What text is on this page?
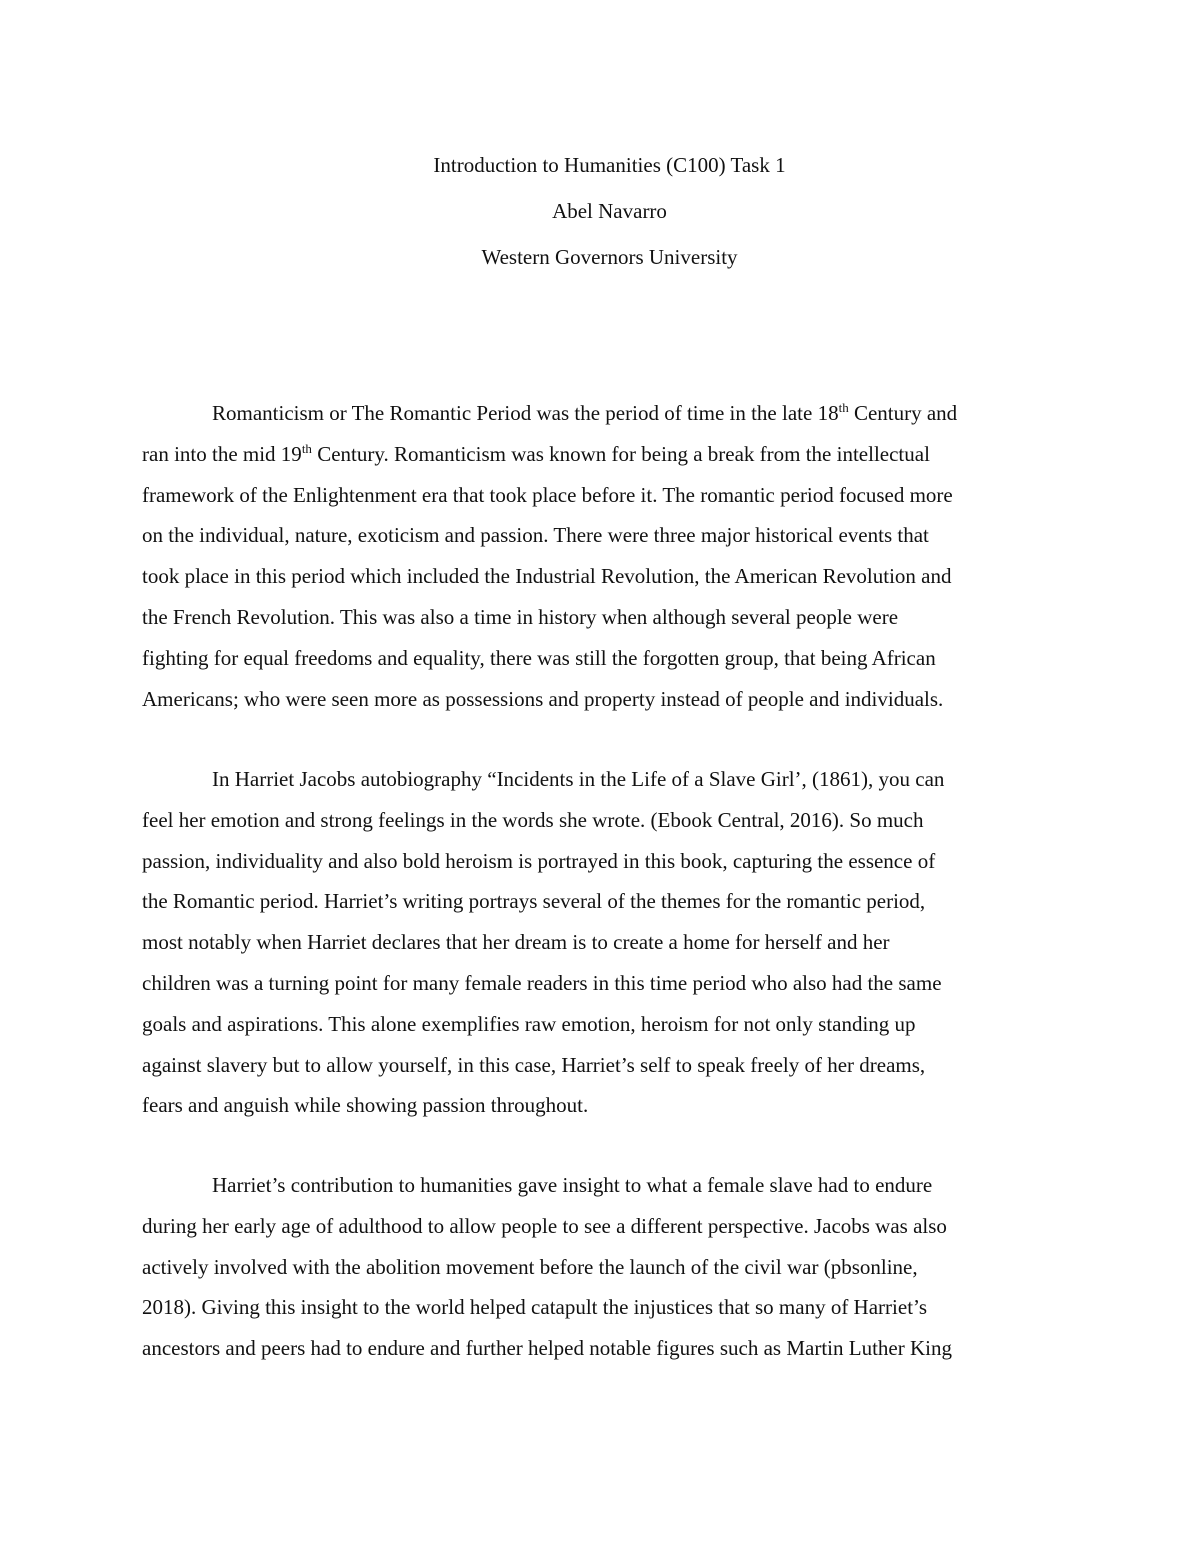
Introduction to Humanities (C100) Task 1
Abel Navarro
Western Governors University
Romanticism or The Romantic Period was the period of time in the late 18th Century and
ran into the mid 19th Century. Romanticism was known for being a break from the intellectual
framework of the Enlightenment era that took place before it. The romantic period focused more
on the individual, nature, exoticism and passion. There were three major historical events that
took place in this period which included the Industrial Revolution, the American Revolution and
the French Revolution. This was also a time in history when although several people were
fighting for equal freedoms and equality, there was still the forgotten group, that being African
Americans; who were seen more as possessions and property instead of people and individuals.
In Harriet Jacobs autobiography “Incidents in the Life of a Slave Girl’, (1861), you can
feel her emotion and strong feelings in the words she wrote. (Ebook Central, 2016). So much
passion, individuality and also bold heroism is portrayed in this book, capturing the essence of
the Romantic period. Harriet’s writing portrays several of the themes for the romantic period,
most notably when Harriet declares that her dream is to create a home for herself and her
children was a turning point for many female readers in this time period who also had the same
goals and aspirations. This alone exemplifies raw emotion, heroism for not only standing up
against slavery but to allow yourself, in this case, Harriet’s self to speak freely of her dreams,
fears and anguish while showing passion throughout.
Harriet’s contribution to humanities gave insight to what a female slave had to endure
during her early age of adulthood to allow people to see a different perspective. Jacobs was also
actively involved with the abolition movement before the launch of the civil war (pbsonline,
2018). Giving this insight to the world helped catapult the injustices that so many of Harriet’s
ancestors and peers had to endure and further helped notable figures such as Martin Luther King
